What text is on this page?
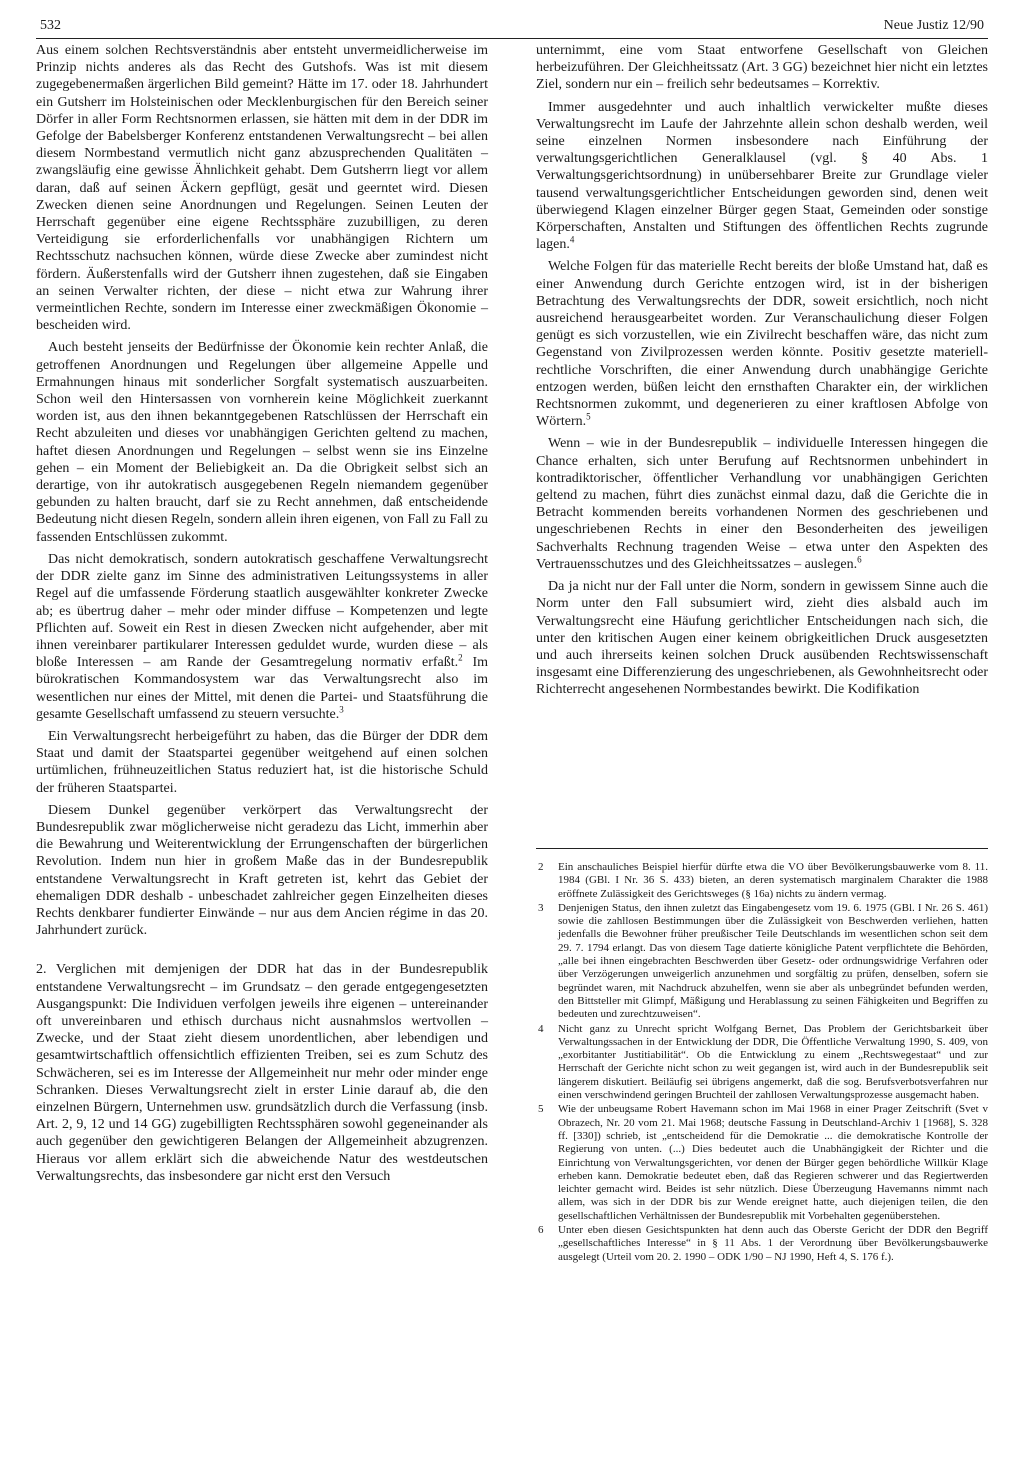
532	Neue Justiz 12/90

Aus einem solchen Rechtsverständnis aber entsteht unvermeidlicherweise im Prinzip nichts anderes als das Recht des Gutshofs. Was ist mit diesem zugegebenermaßen ärgerlichen Bild gemeint? Hätte im 17. oder 18. Jahrhundert ein Gutsherr im Holsteinischen oder Mecklenburgischen für den Bereich seiner Dörfer in aller Form Rechtsnormen erlassen, sie hätten mit dem in der DDR im Gefolge der Babelsberger Konferenz entstandenen Verwaltungsrecht – bei allen diesem Normbestand vermutlich nicht ganz abzusprechenden Qualitäten – zwangsläufig eine gewisse Ähnlichkeit gehabt. Dem Gutsherrn liegt vor allem daran, daß auf seinen Äckern gepflügt, gesät und geerntet wird. Diesen Zwecken dienen seine Anordnungen und Regelungen. Seinen Leuten der Herrschaft gegenüber eine eigene Rechtssphäre zuzubilligen, zu deren Verteidigung sie erforderlichenfalls vor unabhängigen Richtern um Rechtsschutz nachsuchen können, würde diese Zwecke aber zumindest nicht fördern. Äußerstenfalls wird der Gutsherr ihnen zugestehen, daß sie Eingaben an seinen Verwalter richten, der diese – nicht etwa zur Wahrung ihrer vermeintlichen Rechte, sondern im Interesse einer zweckmäßigen Ökonomie – bescheiden wird.

Auch besteht jenseits der Bedürfnisse der Ökonomie kein rechter Anlaß, die getroffenen Anordnungen und Regelungen über allgemeine Appelle und Ermahnungen hinaus mit sonderlicher Sorgfalt systematisch auszuarbeiten. Schon weil den Hintersassen von vornherein keine Möglichkeit zuerkannt worden ist, aus den ihnen bekanntgegebenen Ratschlüssen der Herrschaft ein Recht abzuleiten und dieses vor unabhängigen Gerichten geltend zu machen, haftet diesen Anordnungen und Regelungen – selbst wenn sie ins Einzelne gehen – ein Moment der Beliebigkeit an. Da die Obrigkeit selbst sich an derartige, von ihr autokratisch ausgegebenen Regeln niemandem gegenüber gebunden zu halten braucht, darf sie zu Recht annehmen, daß entscheidende Bedeutung nicht diesen Regeln, sondern allein ihren eigenen, von Fall zu Fall zu fassenden Entschlüssen zukommt.

Das nicht demokratisch, sondern autokratisch geschaffene Verwaltungsrecht der DDR zielte ganz im Sinne des administrativen Leitungssystems in aller Regel auf die umfassende Förderung staatlich ausgewählter konkreter Zwecke ab; es übertrug daher – mehr oder minder diffuse – Kompetenzen und legte Pflichten auf. Soweit ein Rest in diesen Zwecken nicht aufgehender, aber mit ihnen vereinbarer partikularer Interessen geduldet wurde, wurden diese – als bloße Interessen – am Rande der Gesamtregelung normativ erfaßt.$^2$ Im bürokratischen Kommandosystem war das Verwaltungsrecht also im wesentlichen nur eines der Mittel, mit denen die Partei- und Staatsführung die gesamte Gesellschaft umfassend zu steuern versuchte.$^3$

Ein Verwaltungsrecht herbeigeführt zu haben, das die Bürger der DDR dem Staat und damit der Staatspartei gegenüber weitgehend auf einen solchen urtümlichen, frühneuzeitlichen Status reduziert hat, ist die historische Schuld der früheren Staatspartei.

Diesem Dunkel gegenüber verkörpert das Verwaltungsrecht der Bundesrepublik zwar möglicherweise nicht geradezu das Licht, immerhin aber die Bewahrung und Weiterentwicklung der Errungenschaften der bürgerlichen Revolution. Indem nun hier in großem Maße das in der Bundesrepublik entstandene Verwaltungsrecht in Kraft getreten ist, kehrt das Gebiet der ehemaligen DDR deshalb - unbeschadet zahlreicher gegen Einzelheiten dieses Rechts denkbarer fundierter Einwände – nur aus dem Ancien régime in das 20. Jahrhundert zurück.

2. Verglichen mit demjenigen der DDR hat das in der Bundesrepublik entstandene Verwaltungsrecht – im Grundsatz – den gerade entgegengesetzten Ausgangspunkt: Die Individuen verfolgen jeweils ihre eigenen – untereinander oft unvereinbaren und ethisch durchaus nicht ausnahmslos wertvollen – Zwecke, und der Staat zieht diesem unordentlichen, aber lebendigen und gesamtwirtschaftlich offensichtlich effizienten Treiben, sei es zum Schutz des Schwächeren, sei es im Interesse der Allgemeinheit nur mehr oder minder enge Schranken. Dieses Verwaltungsrecht zielt in erster Linie darauf ab, die den einzelnen Bürgern, Unternehmen usw. grundsätzlich durch die Verfassung (insb. Art. 2, 9, 12 und 14 GG) zugebilligten Rechtssphären sowohl gegeneinander als auch gegenüber den gewichtigeren Belangen der Allgemeinheit abzugrenzen. Hieraus vor allem erklärt sich die abweichende Natur des westdeutschen Verwaltungsrechts, das insbesondere gar nicht erst den Versuch

unternimmt, eine vom Staat entworfene Gesellschaft von Gleichen herbeizuführen. Der Gleichheitssatz (Art. 3 GG) bezeichnet hier nicht ein letztes Ziel, sondern nur ein – freilich sehr bedeutsames – Korrektiv.

Immer ausgedehnter und auch inhaltlich verwickelter mußte dieses Verwaltungsrecht im Laufe der Jahrzehnte allein schon deshalb werden, weil seine einzelnen Normen insbesondere nach Einführung der verwaltungsgerichtlichen Generalklausel (vgl. § 40 Abs. 1 Verwaltungsgerichtsordnung) in unübersehbarer Breite zur Grundlage vieler tausend verwaltungsgerichtlicher Entscheidungen geworden sind, denen weit überwiegend Klagen einzelner Bürger gegen Staat, Gemeinden oder sonstige Körperschaften, Anstalten und Stiftungen des öffentlichen Rechts zugrunde lagen.$^4$

Welche Folgen für das materielle Recht bereits der bloße Umstand hat, daß es einer Anwendung durch Gerichte entzogen wird, ist in der bisherigen Betrachtung des Verwaltungsrechts der DDR, soweit ersichtlich, noch nicht ausreichend herausgearbeitet worden. Zur Veranschaulichung dieser Folgen genügt es sich vorzustellen, wie ein Zivilrecht beschaffen wäre, das nicht zum Gegenstand von Zivilprozessen werden könnte. Positiv gesetzte materiell-rechtliche Vorschriften, die einer Anwendung durch unabhängige Gerichte entzogen werden, büßen leicht den ernsthaften Charakter ein, der wirklichen Rechtsnormen zukommt, und degenerieren zu einer kraftlosen Abfolge von Wörtern.$^5$

Wenn – wie in der Bundesrepublik – individuelle Interessen hingegen die Chance erhalten, sich unter Berufung auf Rechtsnormen unbehindert in kontradiktorischer, öffentlicher Verhandlung vor unabhängigen Gerichten geltend zu machen, führt dies zunächst einmal dazu, daß die Gerichte die in Betracht kommenden bereits vorhandenen Normen des geschriebenen und ungeschriebenen Rechts in einer den Besonderheiten des jeweiligen Sachverhalts Rechnung tragenden Weise – etwa unter den Aspekten des Vertrauensschutzes und des Gleichheitssatzes – auslegen.$^6$

Da ja nicht nur der Fall unter die Norm, sondern in gewissem Sinne auch die Norm unter den Fall subsumiert wird, zieht dies alsbald auch im Verwaltungsrecht eine Häufung gerichtlicher Entscheidungen nach sich, die unter den kritischen Augen einer keinem obrigkeitlichen Druck ausgesetzten und auch ihrerseits keinen solchen Druck ausübenden Rechtswissenschaft insgesamt eine Differenzierung des ungeschriebenen, als Gewohnheitsrecht oder Richterrecht angesehenen Normbestandes bewirkt. Die Kodifikation

2	Ein anschauliches Beispiel hierfür dürfte etwa die VO über Bevölkerungsbauwerke vom 8. 11. 1984 (GBl. I Nr. 36 S. 433) bieten, an deren systematisch marginalem Charakter die 1988 eröffnete Zulässigkeit des Gerichtsweges (§ 16a) nichts zu ändern vermag.
3	Denjenigen Status, den ihnen zuletzt das Eingabengesetz vom 19. 6. 1975 (GBl. I Nr. 26 S. 461) sowie die zahllosen Bestimmungen über die Zulässigkeit von Beschwerden verliehen, hatten jedenfalls die Bewohner früher preußischer Teile Deutschlands im wesentlichen schon seit dem 29. 7. 1794 erlangt. Das von diesem Tage datierte königliche Patent verpflichtete die Behörden, „alle bei ihnen eingebrachten Beschwerden über Gesetz- oder ordnungswidrige Verfahren oder über Verzögerungen unweigerlich anzunehmen und sorgfältig zu prüfen, denselben, sofern sie begründet waren, mit Nachdruck abzuhelfen, wenn sie aber als unbegründet befunden werden, den Bittsteller mit Glimpf, Mäßigung und Herablassung zu seinen Fähigkeiten und Begriffen zu bedeuten und zurechtzuweisen“.
4	Nicht ganz zu Unrecht spricht Wolfgang Bernet, Das Problem der Gerichtsbarkeit über Verwaltungssachen in der Entwicklung der DDR, Die Öffentliche Verwaltung 1990, S. 409, von „exorbitanter Justitiabilität“. Ob die Entwicklung zu einem „Rechtswegestaat“ und zur Herrschaft der Gerichte nicht schon zu weit gegangen ist, wird auch in der Bundesrepublik seit längerem diskutiert. Beiläufig sei übrigens angemerkt, daß die sog. Berufsverbotsverfahren nur einen verschwindend geringen Bruchteil der zahllosen Verwaltungsprozesse ausgemacht haben.
5	Wie der unbeugsame Robert Havemann schon im Mai 1968 in einer Prager Zeitschrift (Svet v Obrazech, Nr. 20 vom 21. Mai 1968; deutsche Fassung in Deutschland-Archiv 1 [1968], S. 328 ff. [330]) schrieb, ist „entscheidend für die Demokratie ... die demokratische Kontrolle der Regierung von unten. (...) Dies bedeutet auch die Unabhängigkeit der Richter und die Einrichtung von Verwaltungsgerichten, vor denen der Bürger gegen behördliche Willkür Klage erheben kann. Demokratie bedeutet eben, daß das Regieren schwerer und das Regiertwerden leichter gemacht wird. Beides ist sehr nützlich. Diese Überzeugung Havemanns nimmt nach allem, was sich in der DDR bis zur Wende ereignet hatte, auch diejenigen teilen, die den gesellschaftlichen Verhältnissen der Bundesrepublik mit Vorbehalten gegenüberstehen.
6	Unter eben diesen Gesichtspunkten hat denn auch das Oberste Gericht der DDR den Begriff „gesellschaftliches Interesse“ in § 11 Abs. 1 der Verordnung über Bevölkerungsbauwerke ausgelegt (Urteil vom 20. 2. 1990 – ODK 1/90 – NJ 1990, Heft 4, S. 176 f.).
